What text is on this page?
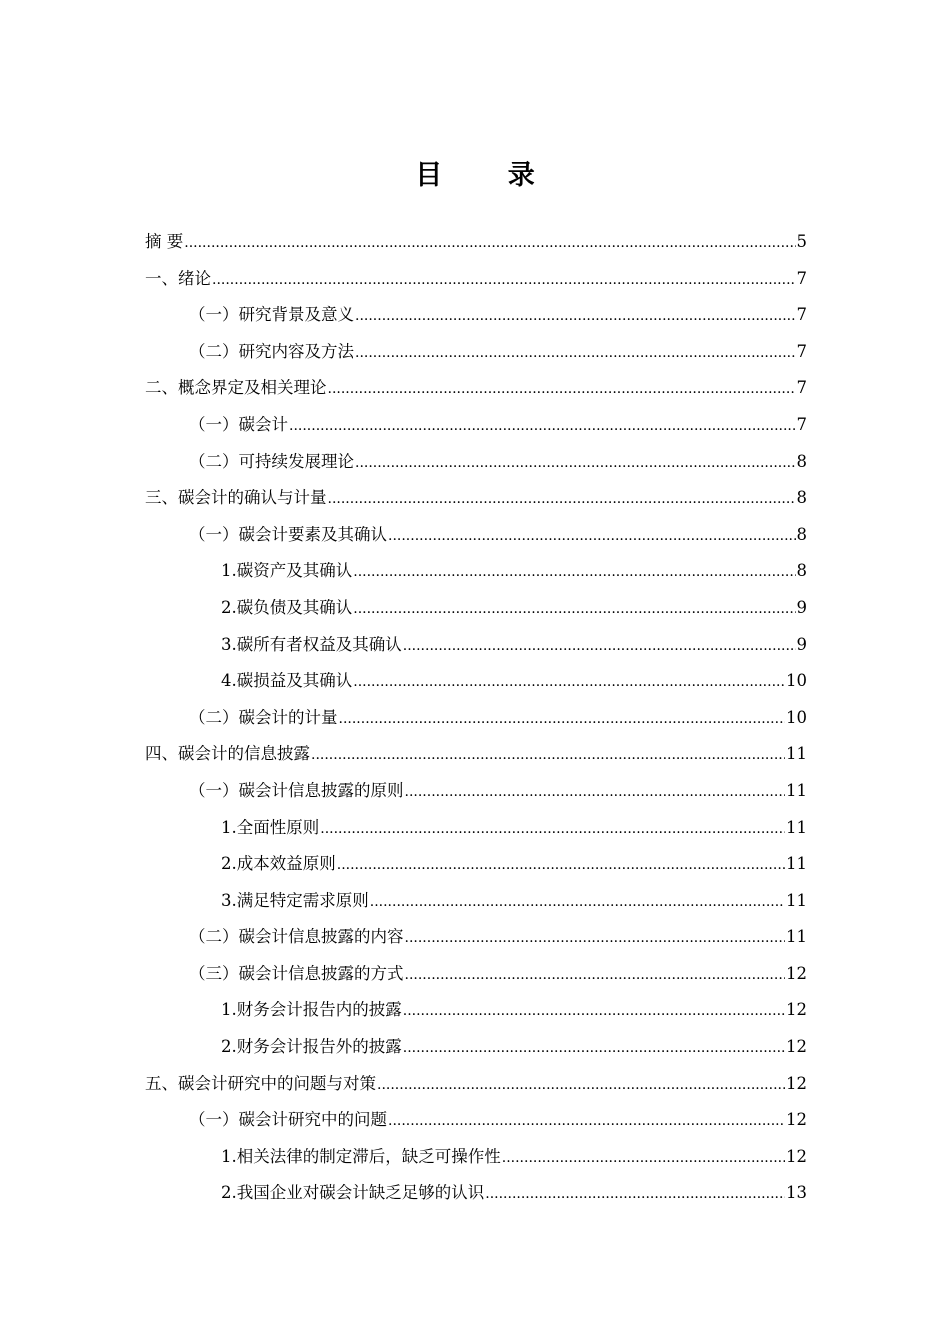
目 录
摘 要 .....	5
一、绪论 .....	7
（一）研究背景及意义 .....	7
（二）研究内容及方法 .....	7
二、概念界定及相关理论 .....	7
（一）碳会计 .....	7
（二）可持续发展理论 .....	8
三、碳会计的确认与计量 .....	8
（一）碳会计要素及其确认 .....	8
1.碳资产及其确认 .....	8
2.碳负债及其确认 .....	9
3.碳所有者权益及其确认 .....	9
4.碳损益及其确认 .....	10
（二）碳会计的计量 .....	10
四、碳会计的信息披露 .....	11
（一）碳会计信息披露的原则 .....	11
1.全面性原则 .....	11
2.成本效益原则 .....	11
3.满足特定需求原则 .....	11
（二）碳会计信息披露的内容 .....	11
（三）碳会计信息披露的方式 .....	12
1.财务会计报告内的披露 .....	12
2.财务会计报告外的披露 .....	12
五、碳会计研究中的问题与对策 .....	12
（一）碳会计研究中的问题 .....	12
1.相关法律的制定滞后，缺乏可操作性 .....	12
2.我国企业对碳会计缺乏足够的认识 .....	13
